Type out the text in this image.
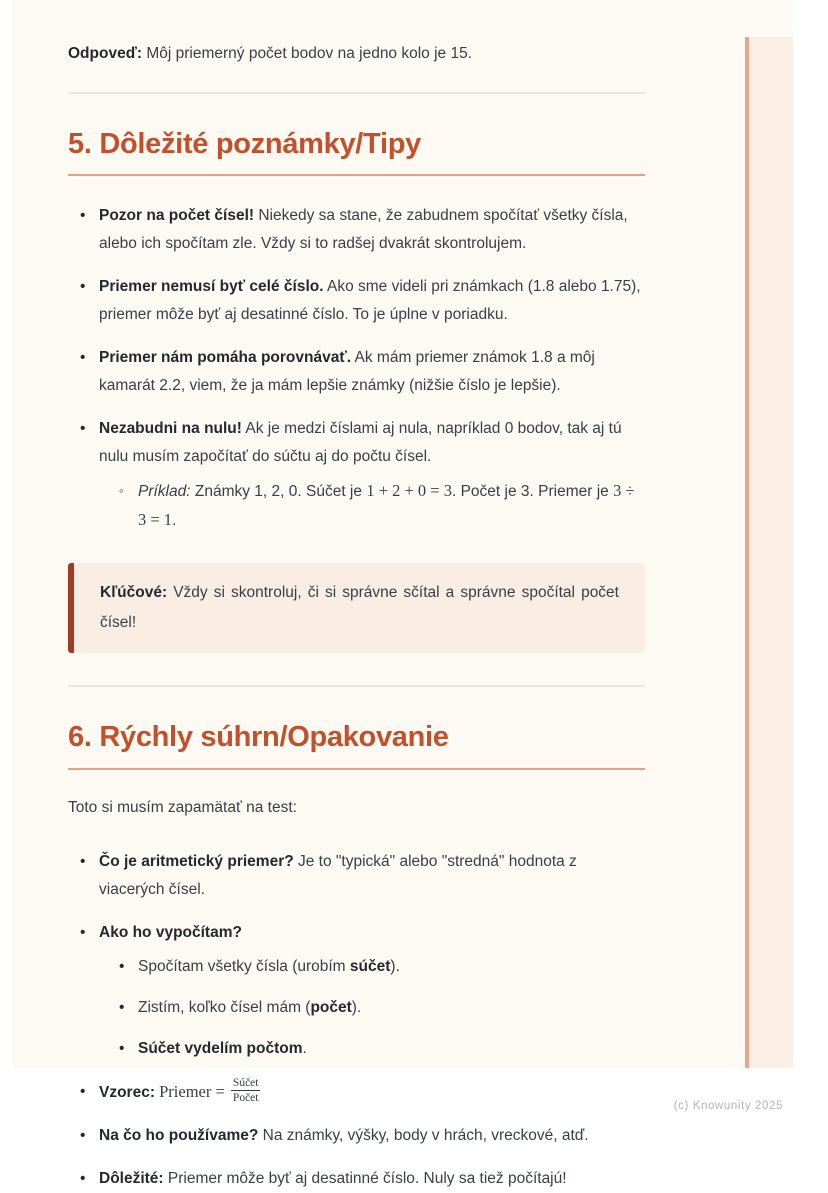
Odpoveď: Môj priemerný počet bodov na jedno kolo je 15.

5. Dôležité poznámky/Tipy
• Pozor na počet čísel! Niekedy sa stane, že zabudnem spočítať všetky čísla, alebo ich spočítam zle. Vždy si to radšej dvakrát skontrolujem.
• Priemer nemusí byť celé číslo. Ako sme videli pri známkach (1.8 alebo 1.75), priemer môže byť aj desatinné číslo. To je úplne v poriadku.
• Priemer nám pomáha porovnávať. Ak mám priemer známok 1.8 a môj kamarát 2.2, viem, že ja mám lepšie známky (nižšie číslo je lepšie).
• Nezabudni na nulu! Ak je medzi číslami aj nula, napríklad 0 bodov, tak aj tú nulu musím započítať do súčtu aj do počtu čísel.
◦ Príklad: Známky 1, 2, 0. Súčet je 1 + 2 + 0 = 3. Počet je 3. Priemer je 3 ÷ 3 = 1.

Kľúčové: Vždy si skontroluj, či si správne sčítal a správne spočítal počet čísel!

6. Rýchly súhrn/Opakovanie

Toto si musím zapamätať na test:

• Čo je aritmetický priemer? Je to "typická" alebo "stredná" hodnota z viacerých čísel.
• Ako ho vypočítam?
• Spočítam všetky čísla (urobím súčet).
• Zistím, koľko čísel mám (počet).
• Súčet vydelím počtom.
• Vzorec: Priemer = $\frac{\text{Súčet}}{\text{Počet}}$
• Na čo ho používame? Na známky, výšky, body v hrách, vreckové, atď.
• Dôležité: Priemer môže byť aj desatinné číslo. Nuly sa tiež počítajú!
(c) Knowunity 2025
